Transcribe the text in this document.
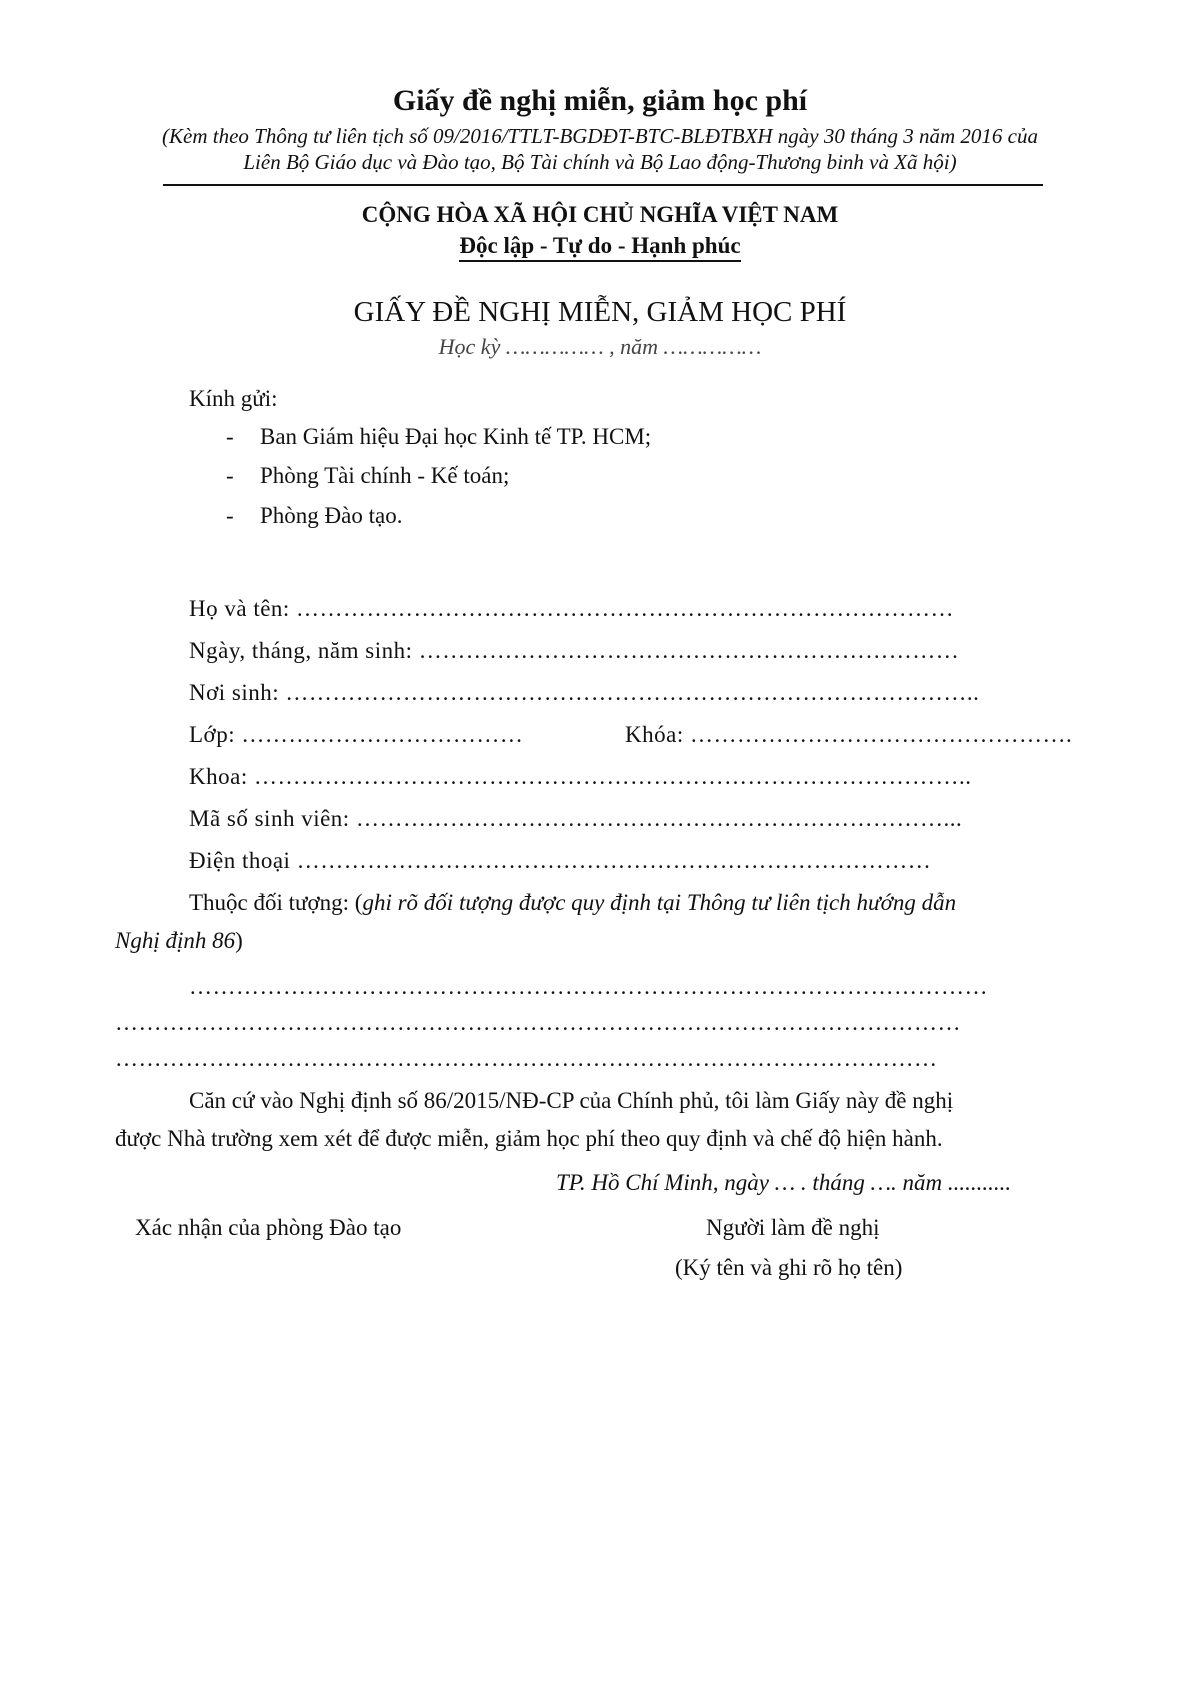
Giấy đề nghị miễn, giảm học phí
(Kèm theo Thông tư liên tịch số 09/2016/TTLT-BGDĐT-BTC-BLĐTBXH ngày 30 tháng 3 năm 2016 của
Liên Bộ Giáo dục và Đào tạo, Bộ Tài chính và Bộ Lao động-Thương binh và Xã hội)
CỘNG HÒA XÃ HỘI CHỦ NGHĨA VIỆT NAM
Độc lập - Tự do - Hạnh phúc
GIẤY ĐỀ NGHỊ MIỄN, GIẢM HỌC PHÍ
Học kỳ …………… , năm ……………
Kính gửi:
- Ban Giám hiệu Đại học Kinh tế TP. HCM;
- Phòng Tài chính - Kế toán;
- Phòng Đào tạo.
Họ và tên: …………………………………………………………………………
Ngày, tháng, năm sinh: ……………………………………………………………
Nơi sinh: ……………………………………………………………………………..
Lớp: ………………………………	Khóa: ………………………………………….
Khoa: ………………………………………………………………………………..
Mã số sinh viên: …………………………………………………………………...
Điện thoại ………………………………………………………………………
Thuộc đối tượng: (ghi rõ đối tượng được quy định tại Thông tư liên tịch hướng dẫn
Nghị định 86)
…………………………………………………………………………………………
………………………………………………………………………………………………
……………………………………………………………………………………………
Căn cứ vào Nghị định số 86/2015/NĐ-CP của Chính phủ, tôi làm Giấy này đề nghị
được Nhà trường xem xét để được miễn, giảm học phí theo quy định và chế độ hiện hành.
TP. Hồ Chí Minh, ngày … . tháng …. năm ...........
Xác nhận của phòng Đào tạo	Người làm đề nghị
(Ký tên và ghi rõ họ tên)
